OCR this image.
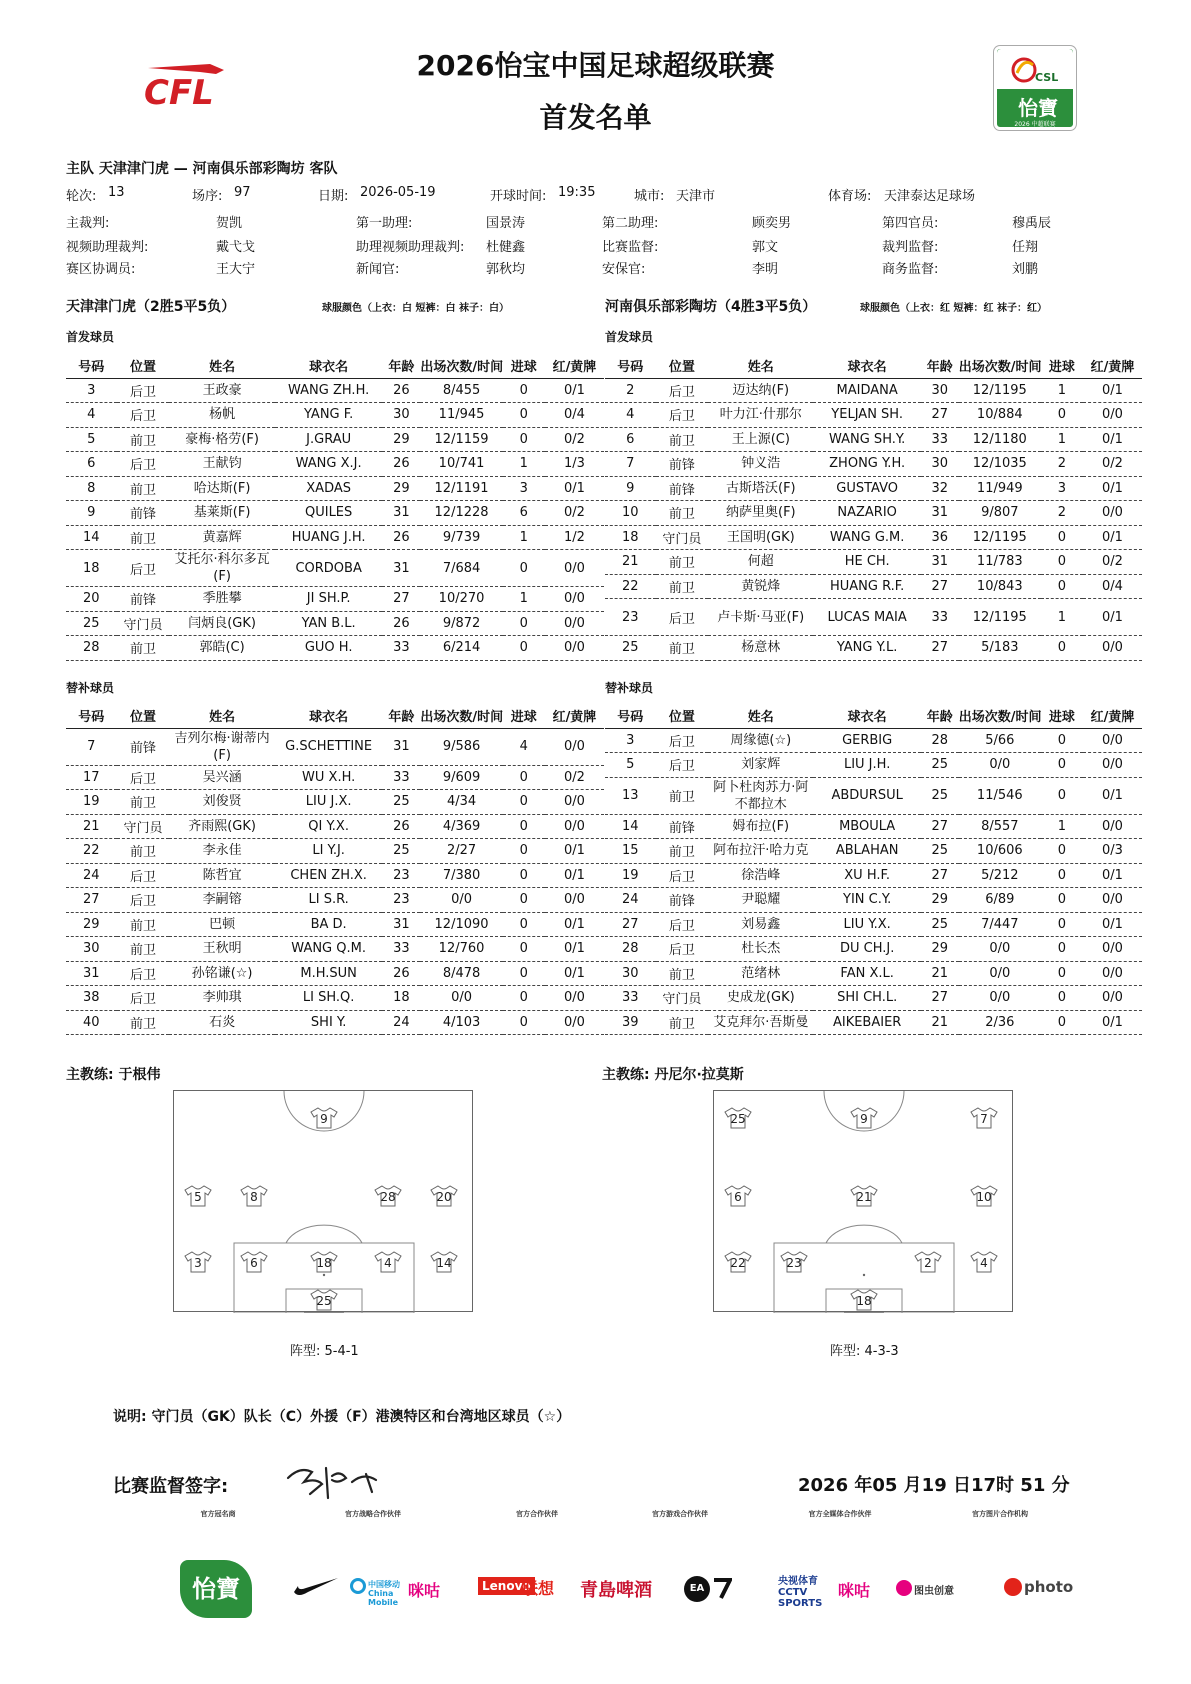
2026怡宝中国足球超级联赛
首发名单
CFL	CSL
怡寶
2026 中超联赛
主队 天津津门虎 — 河南俱乐部彩陶坊 客队
轮次: 13	场序: 97	日期: 2026-05-19	开球时间: 19:35	城市: 天津市	体育场: 天津泰达足球场
主裁判:	贺凯	第一助理:	国景涛	第二助理:	顾奕男	第四官员:	穆禹辰
视频助理裁判:	戴弋戈	助理视频助理裁判: 杜健鑫	比赛监督:	郭文	裁判监督:	任翔
赛区协调员:	王大宁	新闻官:	郭秋均	安保官:	李明	商务监督:	刘鹏
天津津门虎（2胜5平5负）	球服颜色（上衣：白 短裤：白 袜子：白）	河南俱乐部彩陶坊（4胜3平5负）	球服颜色（上衣：红 短裤：红 袜子：红）
首发球员	首发球员
号码	位置	姓名	球衣名	年龄	出场次数/时间	进球	红/黄牌
3	后卫	王政豪	WANG ZH.H.	26	8/455	0	0/1
4	后卫	杨帆	YANG F.	30	11/945	0	0/4
5	前卫	豪梅·格劳(F)	J.GRAU	29	12/1159	0	0/2
6	后卫	王献钧	WANG X.J.	26	10/741	1	1/3
8	前卫	哈达斯(F)	XADAS	29	12/1191	3	0/1
9	前锋	基莱斯(F)	QUILES	31	12/1228	6	0/2
14	前卫	黄嘉辉	HUANG J.H.	26	9/739	1	1/2
18	后卫	艾托尔·科尔多瓦(F)	CORDOBA	31	7/684	0	0/0
20	前锋	季胜攀	JI SH.P.	27	10/270	1	0/0
25	守门员	闫炳良(GK)	YAN B.L.	26	9/872	0	0/0
28	前卫	郭皓(C)	GUO H.	33	6/214	0	0/0
号码	位置	姓名	球衣名	年龄	出场次数/时间	进球	红/黄牌
2	后卫	迈达纳(F)	MAIDANA	30	12/1195	1	0/1
4	后卫	叶力江·什那尔	YELJAN SH.	27	10/884	0	0/0
6	前卫	王上源(C)	WANG SH.Y.	33	12/1180	1	0/1
7	前锋	钟义浩	ZHONG Y.H.	30	12/1035	2	0/2
9	前锋	古斯塔沃(F)	GUSTAVO	32	11/949	3	0/1
10	前卫	纳萨里奥(F)	NAZARIO	31	9/807	2	0/0
18	守门员	王国明(GK)	WANG G.M.	36	12/1195	0	0/1
21	前卫	何超	HE CH.	31	11/783	0	0/2
22	前卫	黄锐烽	HUANG R.F.	27	10/843	0	0/4
23	后卫	卢卡斯·马亚(F)	LUCAS MAIA	33	12/1195	1	0/1
25	前卫	杨意林	YANG Y.L.	27	5/183	0	0/0
替补球员	替补球员
号码	位置	姓名	球衣名	年龄	出场次数/时间	进球	红/黄牌
7	前锋	吉列尔梅·谢蒂内(F)	G.SCHETTINE	31	9/586	4	0/0
17	后卫	吴兴涵	WU X.H.	33	9/609	0	0/2
19	前卫	刘俊贤	LIU J.X.	25	4/34	0	0/0
21	守门员	齐雨熙(GK)	QI Y.X.	26	4/369	0	0/0
22	前卫	李永佳	LI Y.J.	25	2/27	0	0/1
24	后卫	陈哲宜	CHEN ZH.X.	23	7/380	0	0/1
27	后卫	李嗣镕	LI S.R.	23	0/0	0	0/0
29	前卫	巴顿	BA D.	31	12/1090	0	0/1
30	前卫	王秋明	WANG Q.M.	33	12/760	0	0/1
31	后卫	孙铭谦(☆)	M.H.SUN	26	8/478	0	0/1
38	后卫	李帅琪	LI SH.Q.	18	0/0	0	0/0
40	前卫	石炎	SHI Y.	24	4/103	0	0/0
号码	位置	姓名	球衣名	年龄	出场次数/时间	进球	红/黄牌
3	后卫	周缘德(☆)	GERBIG	28	5/66	0	0/0
5	后卫	刘家辉	LIU J.H.	25	0/0	0	0/0
13	前卫	阿卜杜肉苏力·阿不都拉木	ABDURSUL	25	11/546	0	0/1
14	前锋	姆布拉(F)	MBOULA	27	8/557	1	0/0
15	前卫	阿布拉汗·哈力克	ABLAHAN	25	10/606	0	0/3
19	后卫	徐浩峰	XU H.F.	27	5/212	0	0/1
24	前锋	尹聪耀	YIN C.Y.	29	6/89	0	0/0
27	后卫	刘易鑫	LIU Y.X.	25	7/447	0	0/1
28	后卫	杜长杰	DU CH.J.	29	0/0	0	0/0
30	前卫	范绪林	FAN X.L.	21	0/0	0	0/0
33	守门员	史成龙(GK)	SHI CH.L.	27	0/0	0	0/0
39	前卫	艾克拜尔·吾斯曼	AIKEBAIER	21	2/36	0	0/1
主教练: 于根伟	主教练: 丹尼尔·拉莫斯
9
5	8	28	20
3	6	18	4	14
25
25	9	7
6	21	10
22	23	2	4
18
阵型: 5-4-1	阵型: 4-3-3
说明: 守门员（GK）队长（C）外援（F）港澳特区和台湾地区球员（☆）
比赛监督签字:	2026 年05 月19 日17时 51 分
官方冠名商	官方战略合作伙伴	官方合作伙伴	官方游戏合作伙伴	官方全媒体合作伙伴	官方图片合作机构
怡寶	中国移动 China Mobile
咪咕	Lenovo
联想 青島啤酒	EA
央视体育 CCTV SPORTS
咪咕	图虫创意	photo
